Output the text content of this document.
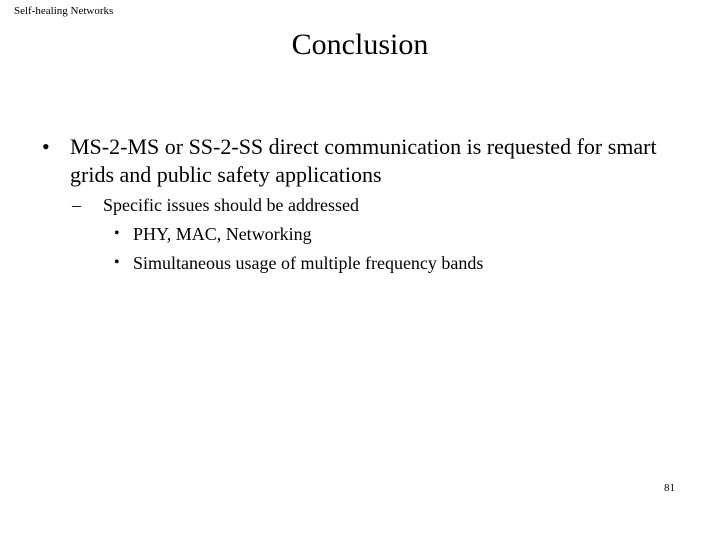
Self-healing Networks
Conclusion
• MS-2-MS or SS-2-SS direct communication is requested for smart grids and public safety applications
– Specific issues should be addressed
• PHY, MAC, Networking
• Simultaneous usage of multiple frequency bands
81
